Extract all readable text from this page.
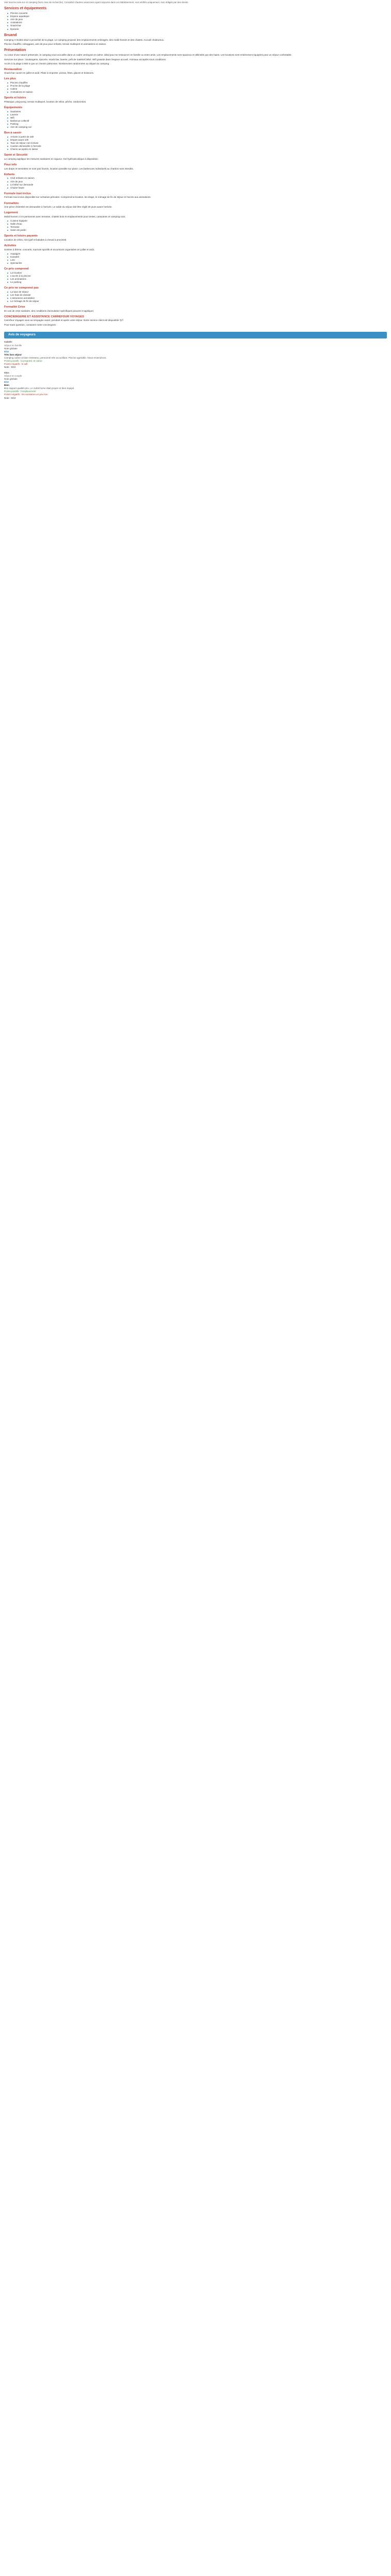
Voir tous les avis sur ce camping (hors zone de recherche). Consultez d'autres vacanciers ayant séjourné dans cet établissement. Avis vérifiés uniquement. Avis rédigés par des clients.

Services et équipements
Piscine couverte
Espace aquatique
Aire de jeux
Animations
Snack-bar
Épicerie
Bruand

Camping 3 étoiles situé à proximité de la plage. Le camping propose des emplacements ombragés, des mobil-homes et des chalets. Accueil chaleureux.

Piscine chauffée, toboggans, aire de jeux pour enfants, terrain multisport et animations en saison.

Présentation

Au cœur d'une nature préservée, le camping vous accueille dans un cadre verdoyant et calme, idéal pour se ressourcer en famille ou entre amis. Les emplacements sont spacieux et délimités par des haies. Les locations sont entièrement équipées pour un séjour confortable.

Services sur place : boulangerie, épicerie, snack-bar, laverie, prêt de matériel bébé. Wifi gratuite dans l'espace accueil. Animaux acceptés sous conditions.

Accès à la plage à 800 m par un chemin piétonnier. Nombreuses randonnées au départ du camping.

Restauration

Snack-bar ouvert en juillet et août. Plats à emporter, pizzas, frites, glaces et boissons.

Les plus
Piscine chauffée
Proche de la plage
Calme
Animations en saison
Sports et loisirs

Pétanque, ping-pong, terrain multisport, location de vélos, pêche, randonnées.

Équipements
Sanitaires
Laverie
Wifi
Barbecue collectif
Parking
Aire de camping-car
Bon à savoir
Arrivée à partir de 15h
Départ avant 10h
Taxe de séjour non incluse
Caution demandée à l'arrivée
Chiens acceptés en laisse
Santé et Sécurité

Le camping applique les mesures sanitaires en vigueur. Gel hydroalcoolique à disposition.

Pour info

Les draps et serviettes ne sont pas fournis, location possible sur place. Les barbecues individuels au charbon sont interdits.

Enfants
Club enfants en saison
Aire de jeux
Lit bébé sur demande
Chaise haute
Formule tout inclus

Formule tout inclus disponible sur certaines périodes. Comprend la location, les draps, le ménage de fin de séjour et l'accès aux animations.

Formalités

Une pièce d'identité est demandée à l'arrivée. Le solde du séjour doit être réglé 30 jours avant l'arrivée.

Logement

Mobil-homes 2 à 6 personnes avec terrasse, chalets bois et emplacements pour tentes, caravanes et camping-cars.

Cuisine équipée
Salle d'eau
Terrasse
Salon de jardin
Sports et loisirs payants

Location de vélos, mini-golf et balades à cheval à proximité.

Activités

Soirées à thème, concerts, tournois sportifs et excursions organisées en juillet et août.

Aquagym
Karaoké
Loto
Spectacles
Ce prix comprend
La location
L'accès à la piscine
Les animations
Le parking
Ce prix ne comprend pas
La taxe de séjour
Les frais de dossier
L'assurance annulation
Le ménage de fin de séjour
Formalité Crise

En cas de crise sanitaire, des conditions d'annulation spécifiques peuvent s'appliquer.

CONCIERGERIE ET ASSISTANCE CARREFOUR VOYAGES

Carrefour Voyages vous accompagne avant, pendant et après votre séjour. Notre service client est disponible 7j/7.

Pour toute question, contactez notre conciergerie.

Avis de voyageurs
Isabelle
Séjour en famille
Note globale
9/10
Très bon séjour
Camping calme et bien entretenu, personnel très accueillant. Piscine agréable. Nous reviendrons.
Points positifs : la propreté, le calme
Points négatifs : le wifi
Note : 9/10
Marc
Séjour en couple
Note globale
8/10
Bien
Bon rapport qualité-prix. Le mobil-home était propre et bien équipé.
Points positifs : l'emplacement
Points négatifs : les sanitaires un peu loin
Note : 8/10
